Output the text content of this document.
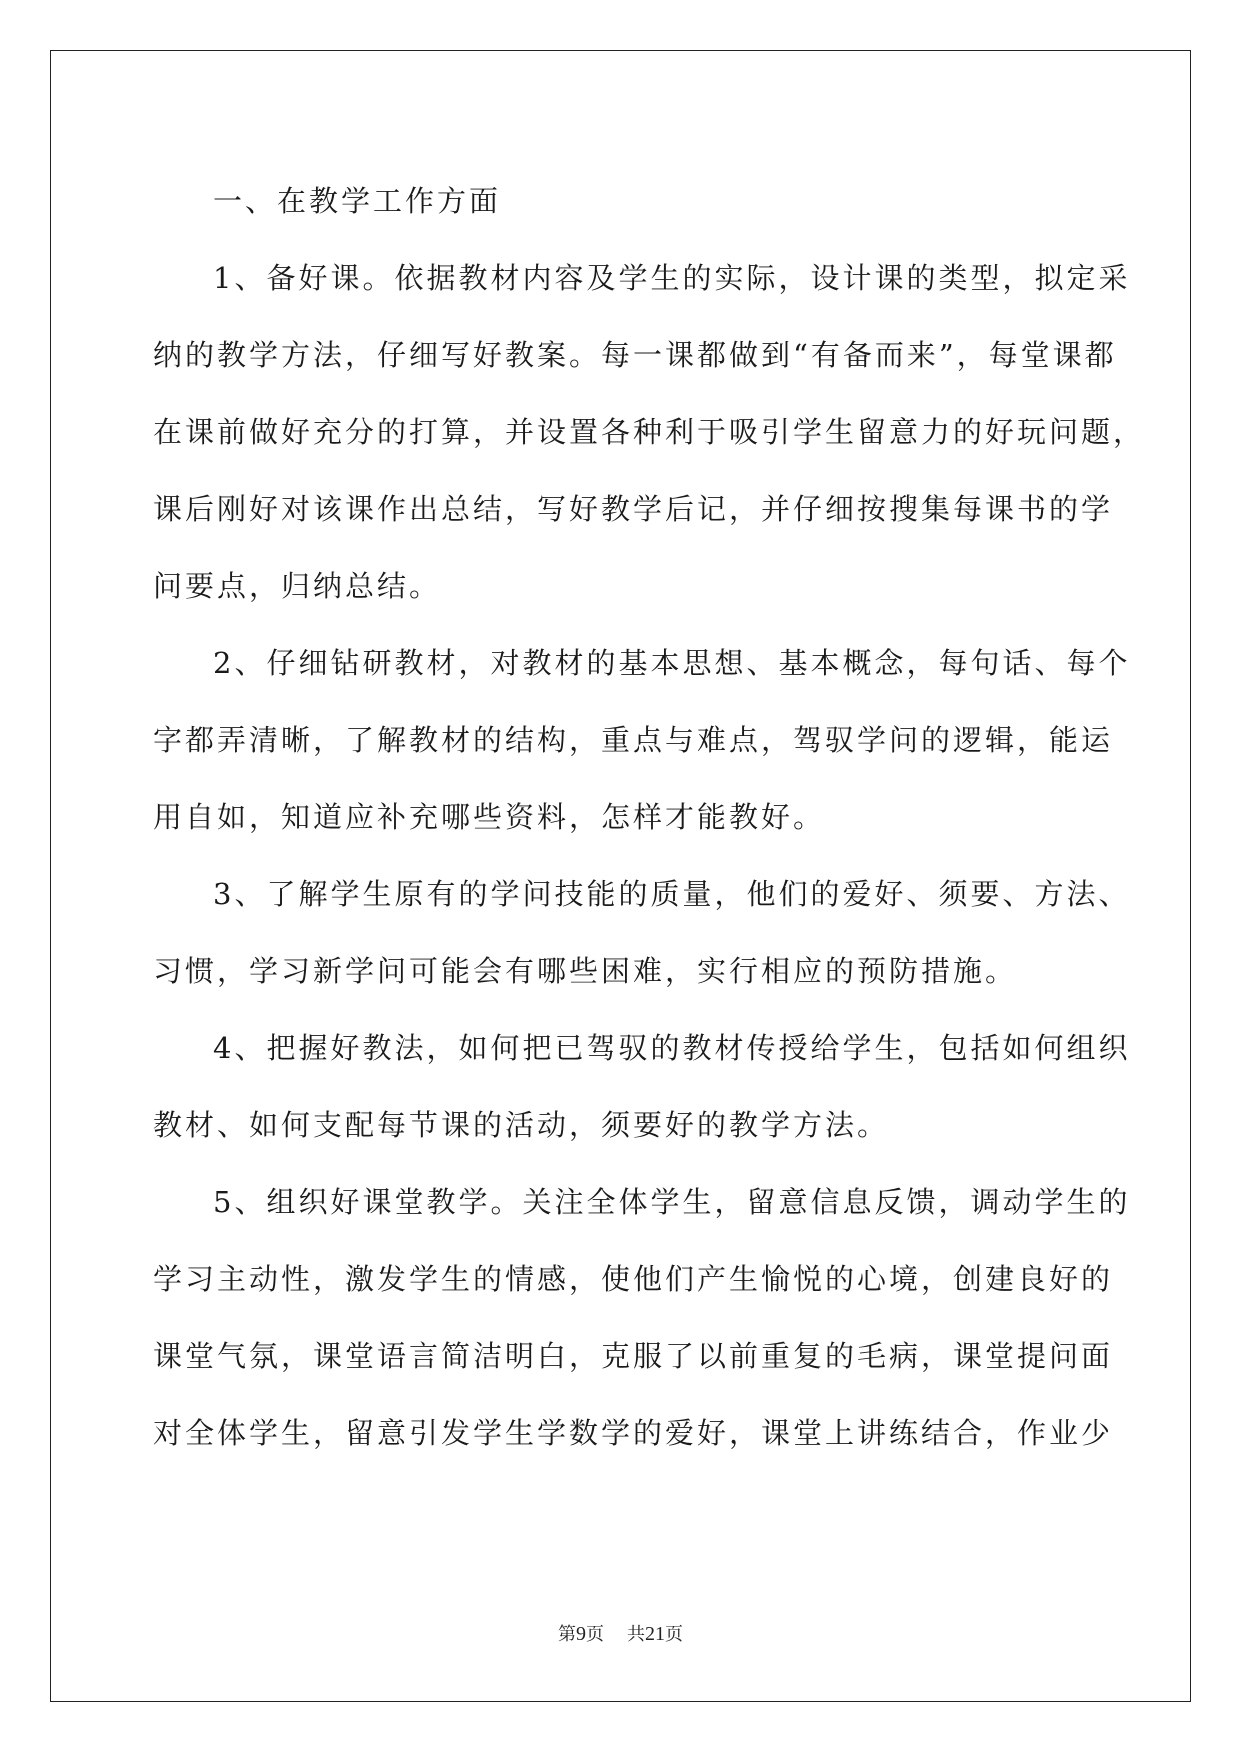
一、在教学工作方面

1、备好课。依据教材内容及学生的实际，设计课的类型，拟定采
纳的教学方法，仔细写好教案。每一课都做到“有备而来”，每堂课都
在课前做好充分的打算，并设置各种利于吸引学生留意力的好玩问题，
课后刚好对该课作出总结，写好教学后记，并仔细按搜集每课书的学
问要点，归纳总结。

2、仔细钻研教材，对教材的基本思想、基本概念，每句话、每个
字都弄清晰，了解教材的结构，重点与难点，驾驭学问的逻辑，能运
用自如，知道应补充哪些资料，怎样才能教好。

3、了解学生原有的学问技能的质量，他们的爱好、须要、方法、
习惯，学习新学问可能会有哪些困难，实行相应的预防措施。

4、把握好教法，如何把已驾驭的教材传授给学生，包括如何组织
教材、如何支配每节课的活动，须要好的教学方法。

5、组织好课堂教学。关注全体学生，留意信息反馈，调动学生的
学习主动性，激发学生的情感，使他们产生愉悦的心境，创建良好的
课堂气氛，课堂语言简洁明白，克服了以前重复的毛病，课堂提问面
对全体学生，留意引发学生学数学的爱好，课堂上讲练结合，作业少

第9页 共21页
